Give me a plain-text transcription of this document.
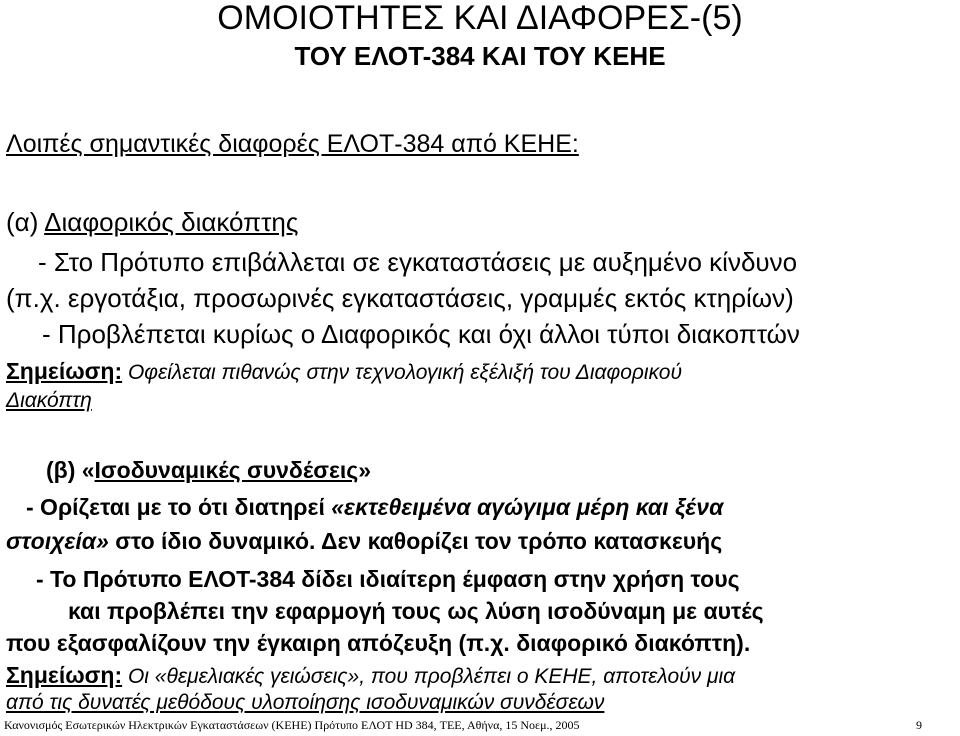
ΟΜΟΙΟΤΗΤΕΣ ΚΑΙ ΔΙΑΦΟΡΕΣ-(5)
ΤΟΥ ΕΛΟΤ-384 ΚΑΙ ΤΟΥ ΚΕΗΕ
Λοιπές σημαντικές διαφορές ΕΛΟΤ-384 από ΚΕΗΕ:
(α) Διαφορικός διακόπτης
- Στο Πρότυπο επιβάλλεται σε εγκαταστάσεις με αυξημένο κίνδυνο
(π.χ. εργοτάξια, προσωρινές εγκαταστάσεις, γραμμές εκτός κτηρίων)
- Προβλέπεται κυρίως ο Διαφορικός και όχι άλλοι τύποι διακοπτών
Σημείωση: Οφείλεται πιθανώς στην τεχνολογική εξέλιξή του Διαφορικού
Διακόπτη
(β) «Ισοδυναμικές συνδέσεις»
- Ορίζεται με το ότι διατηρεί «εκτεθειμένα αγώγιμα μέρη και ξένα
στοιχεία» στο ίδιο δυναμικό. Δεν καθορίζει τον τρόπο κατασκευής
- Το Πρότυπο ΕΛΟΤ-384 δίδει ιδιαίτερη έμφαση στην χρήση τους
και προβλέπει την εφαρμογή τους ως λύση ισοδύναμη με αυτές
που εξασφαλίζουν την έγκαιρη απόζευξη (π.χ. διαφορικό διακόπτη).
Σημείωση: Οι «θεμελιακές γειώσεις», που προβλέπει ο ΚΕΗΕ, αποτελούν μια
από τις δυνατές μεθόδους υλοποίησης ισοδυναμικών συνδέσεων
Κανονισμός Εσωτερικών Ηλεκτρικών Εγκαταστάσεων (ΚΕΗΕ) Πρότυπο ΕΛΟΤ HD 384, ΤΕΕ, Αθήνα, 15 Νοεμ., 2005	9
